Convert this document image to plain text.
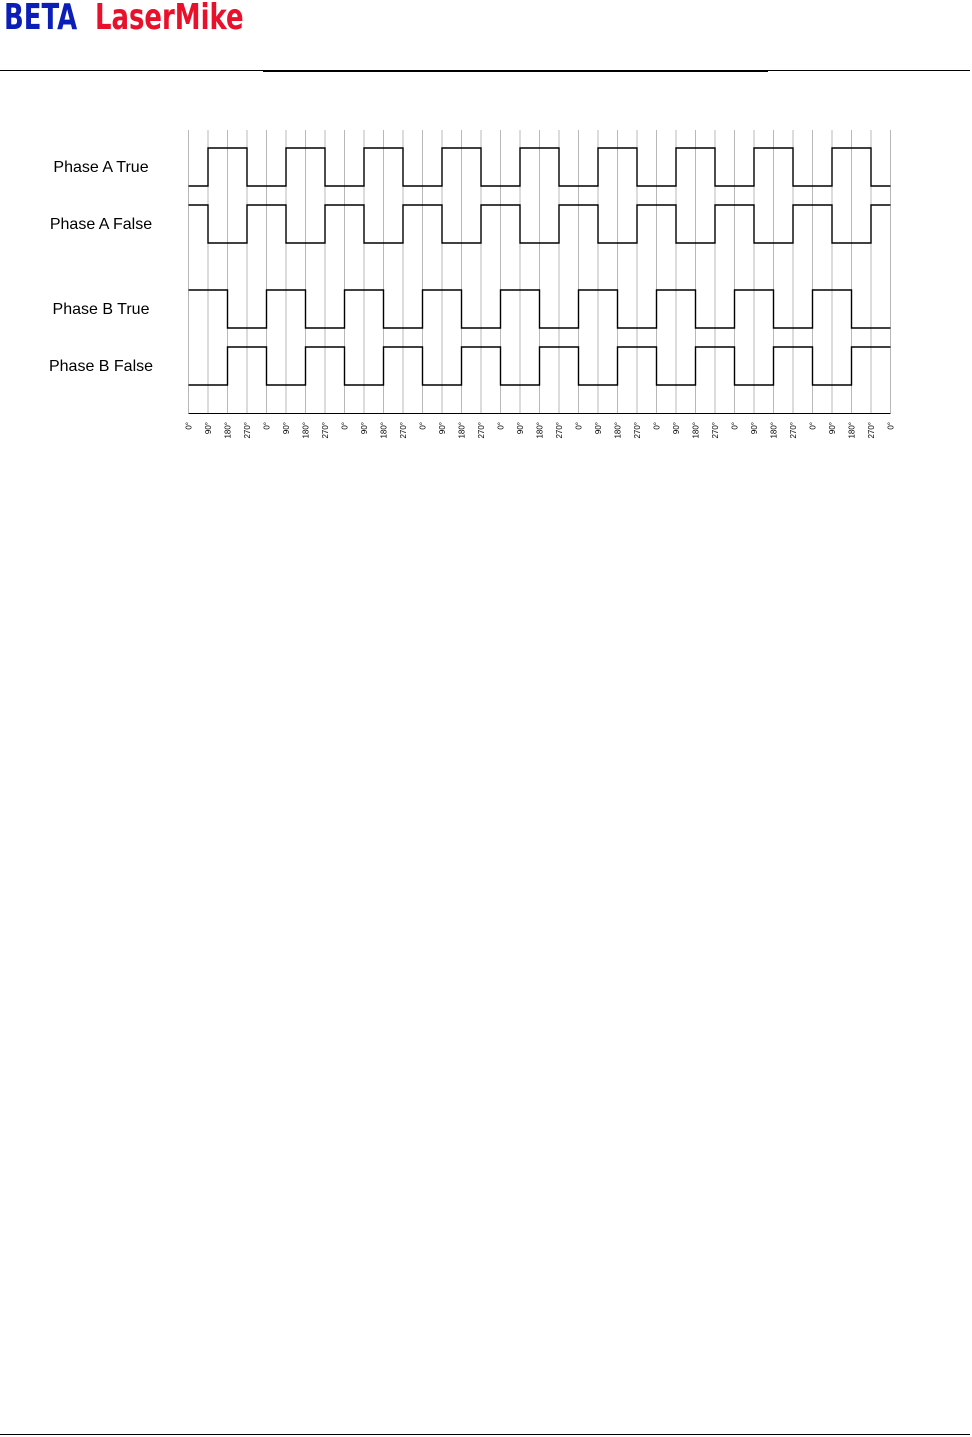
BETA LaserMike
Phase A True
Phase A False
Phase B True
Phase B False
0° 90° 180° 270° 0° 90° 180° 270° 0° 90° 180° 270° 0° 90° 180° 270° 0° 90° 180° 270° 0° 90° 180° 270° 0° 90° 180° 270° 0° 90° 180° 270° 0° 90° 180° 270° 0°
